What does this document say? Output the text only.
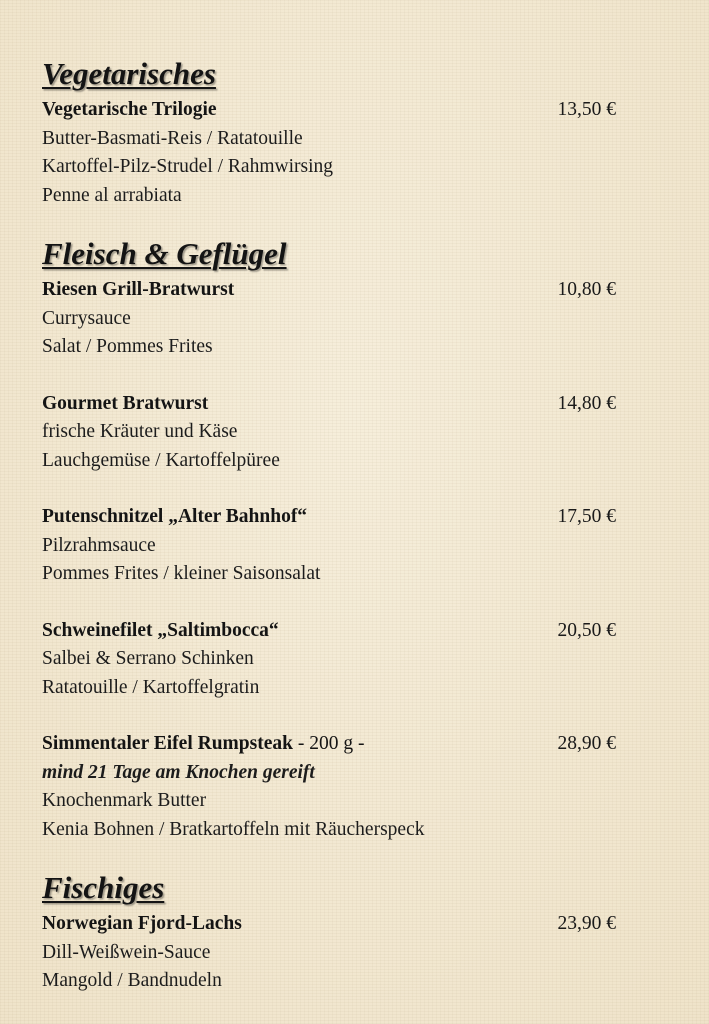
Vegetarisches
Vegetarische Trilogie	13,50 €
Butter-Basmati-Reis / Ratatouille
Kartoffel-Pilz-Strudel / Rahmwirsing
Penne al arrabiata
Fleisch & Geflügel
Riesen Grill-Bratwurst	10,80 €
Currysauce
Salat / Pommes Frites
Gourmet Bratwurst	14,80 €
frische Kräuter und Käse
Lauchgemüse / Kartoffelpüree
Putenschnitzel „Alter Bahnhof“	17,50 €
Pilzrahmsauce
Pommes Frites / kleiner Saisonsalat
Schweinefilet „Saltimbocca“	20,50 €
Salbei & Serrano Schinken
Ratatouille / Kartoffelgratin
Simmentaler Eifel Rumpsteak - 200 g -	28,90 €
mind 21 Tage am Knochen gereift
Knochenmark Butter
Kenia Bohnen / Bratkartoffeln mit Räucherspeck
Fischiges
Norwegian Fjord-Lachs	23,90 €
Dill-Weißwein-Sauce
Mangold / Bandnudeln
